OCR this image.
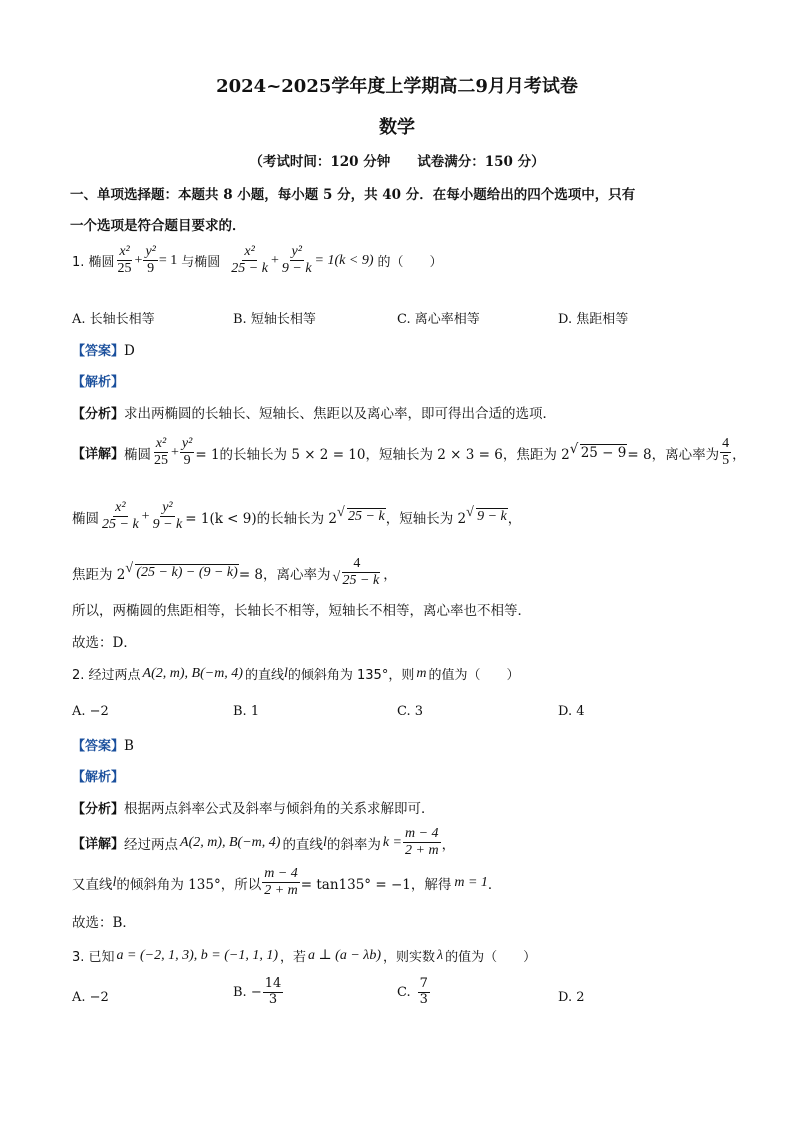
2024~2025学年度上学期高二9月月考试卷
数学
（考试时间：120 分钟　　试卷满分：150 分）
一、单项选择题：本题共 8 小题，每小题 5 分，共 40 分．在每小题给出的四个选项中，只有
一个选项是符合题目要求的．
1. 椭圆 $\frac{\text{x²}}{25} + \frac{\text{y²}}{9} = 1$ 与椭圆 $\frac{\text{x²}}{25 - k} + \frac{\text{y²}}{9 - k} = 1(k < 9)$ 的（　　）
A. 长轴长相等	B. 短轴长相等	C. 离心率相等	D. 焦距相等
【答案】D
【解析】
【分析】求出两椭圆的长轴长、短轴长、焦距以及离心率，即可得出合适的选项．
【详解】 椭圆 $\frac{\text{x²}}{25} + \frac{\text{y²}}{9} = 1$的长轴长为 5 × 2 = 10，短轴长为 2 × 3 = 6，焦距为 2 √ 25 − 9 = 8，离心率为 $\frac{4}{5}$ ，
椭圆 $\frac{\text{x²}}{25 - k} + \frac{\text{y²}}{9 - k} = 1(k < 9)$的长轴长为 2 √ 25 − k ，短轴长为 2 √ 9 − k ，
焦距为 2 √ (25 − k) − (9 − k) = 8，离心率为 $\frac{4}{√ 25 - k}$ ，
所以，两椭圆的焦距相等，长轴长不相等，短轴长不相等，离心率也不相等．
故选：D．
2. 经过两点 A(2, m), B(−m, 4) 的直线 l 的倾斜角为 135°，则 m 的值为（　　）
A. −2	B. 1	C. 3	D. 4
【答案】B
【解析】
【分析】根据两点斜率公式及斜率与倾斜角的关系求解即可．
【详解】 经过两点 A(2, m), B(−m, 4) 的直线 l 的斜率为 $k = \frac{m - 4}{2 + m}$ ，
又直线 l 的倾斜角为 135°，所以 $\frac{m - 4}{2 + m} = \tan 135^\circ = -1$，解得 m = 1 ．
故选：B．
3. 已知 a = (−2, 1, 3), b = (−1, 1, 1) ，若 a ⊥ (a − λb) ，则实数 λ 的值为（　　）
A. −2	B. − $\frac{14}{3}$	C. $\frac{7}{3}$	D. 2
